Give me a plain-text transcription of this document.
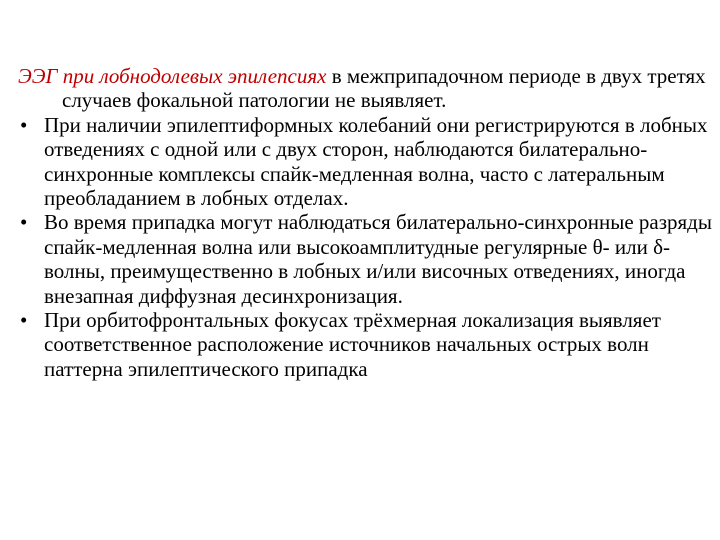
ЭЭГ при лобнодолевых эпилепсиях в межприпадочном периоде в двух третях случаев фокальной патологии не выявляет.

• При наличии эпилептиформных колебаний они регистрируются в лобных отведениях с одной или с двух сторон, наблюдаются билатерально-синхронные комплексы спайк-медленная волна, часто с латеральным преобладанием в лобных отделах.
• Во время припадка могут наблюдаться билатерально-синхронные разряды спайк-медленная волна или высокоамплитудные регулярные θ- или δ-волны, преимущественно в лобных и/или височных отведениях, иногда внезапная диффузная десинхронизация.
• При орбитофронтальных фокусах трёхмерная локализация выявляет соответственное расположение источников начальных острых волн паттерна эпилептического припадка
